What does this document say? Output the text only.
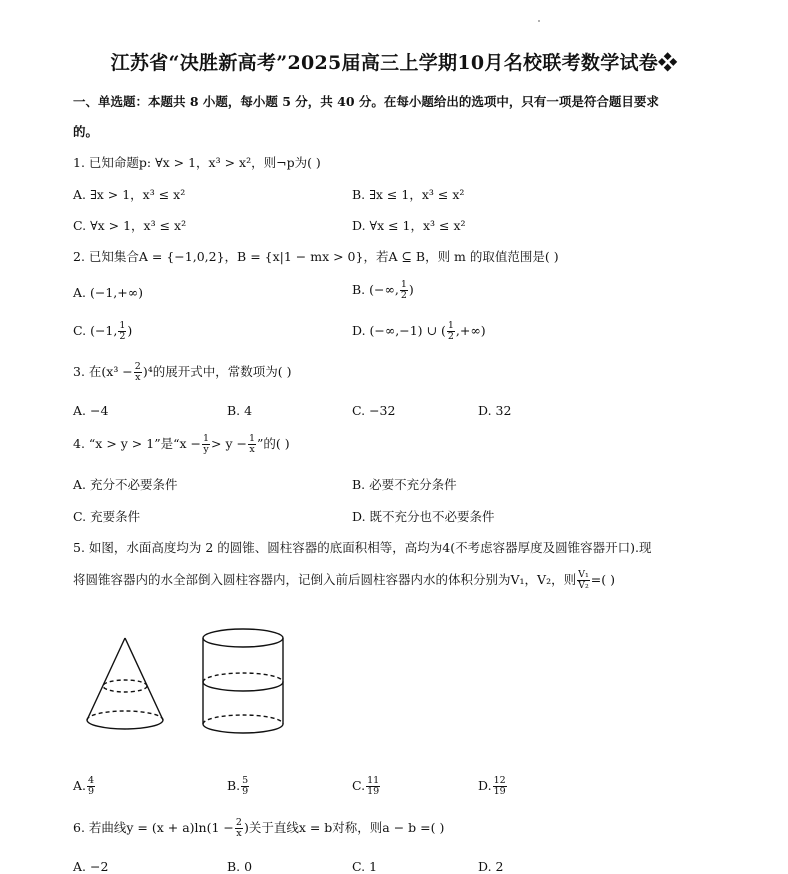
江苏省“决胜新高考”2025届高三上学期10月名校联考数学试卷❖
一、单选题：本题共 8 小题，每小题 5 分，共 40 分。在每小题给出的选项中，只有一项是符合题目要求
的。
1. 已知命题p: ∀x > 1，x³ > x²，则¬p为( )
A. ∃x > 1，x³ ≤ x²	B. ∃x ≤ 1，x³ ≤ x²
C. ∀x > 1，x³ ≤ x²	D. ∀x ≤ 1，x³ ≤ x²
2. 已知集合A = {−1,0,2}，B = {x|1 − mx > 0}，若A ⊆ B，则 m 的取值范围是( )
A. (−1,+∞)	B. (−∞, $\frac{1}{2}$ )
C. (−1, $\frac{1}{2}$ )	D. (−∞,−1) ∪ ( $\frac{1}{2}$ ,+∞)
3. 在$(x^3 - \frac{2}{x} )^4$的展开式中，常数项为( )
A. −4	B. 4	C. −32	D. 32
4. “x > y > 1”是“$x - \frac{1}{y} > y - \frac{1}{x}$ ”的( )
A. 充分不必要条件	B. 必要不充分条件
C. 充要条件	D. 既不充分也不必要条件
5. 如图，水面高度均为 2 的圆锥、圆柱容器的底面积相等，高均为4(不考虑容器厚度及圆锥容器开口).现
将圆锥容器内的水全部倒入圆柱容器内，记倒入前后圆柱容器内水的体积分别为V₁，V₂，则 $\frac{\text{V₁}}{\text{V₂}}$ =( )
A. $\frac{4}{9}$	B. $\frac{5}{9}$	C. $\frac{11}{19}$	D. $\frac{12}{19}$
6. 若曲线$y = (x + a)\ln(1 - \frac{2}{x}$ )关于直线x = b对称，则a − b =( )
A. −2	B. 0	C. 1	D. 2
